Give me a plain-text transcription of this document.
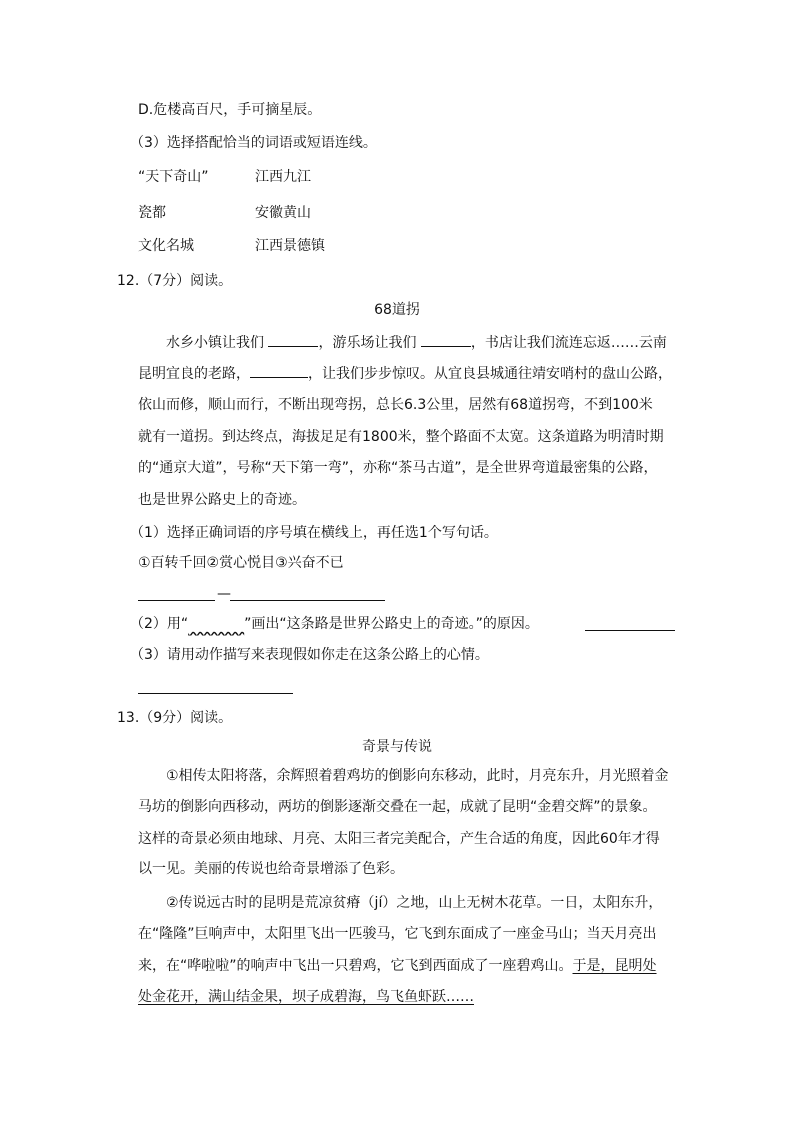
D.危楼高百尺，手可摘星辰。
（3）选择搭配恰当的词语或短语连线。
“天下奇山”	江西九江
瓷都	安徽黄山
文化名城	江西景德镇
12.（7分）阅读。
68道拐
水乡小镇让我们	，游乐场让我们	，书店让我们流连忘返……云南
昆明宜良的老路，	，让我们步步惊叹。从宜良县城通往靖安哨村的盘山公路，
依山而修，顺山而行，不断出现弯拐，总长6.3公里，居然有68道拐弯，不到100米
就有一道拐。到达终点，海拔足足有1800米，整个路面不太宽。这条道路为明清时期
的“通京大道”，号称“天下第一弯”，亦称“茶马古道”，是全世界弯道最密集的公路，
也是世界公路史上的奇迹。
（1）选择正确词语的序号填在横线上，再任选1个写句话。
①百转千回②赏心悦目③兴奋不已
—
（2）用“　　　　	”画出“这条路是世界公路史上的奇迹。”的原因。
（3）请用动作描写来表现假如你走在这条公路上的心情。
13.（9分）阅读。
奇景与传说
①相传太阳将落，余辉照着碧鸡坊的倒影向东移动，此时，月亮东升，月光照着金
马坊的倒影向西移动，两坊的倒影逐渐交叠在一起，成就了昆明“金碧交辉”的景象。
这样的奇景必须由地球、月亮、太阳三者完美配合，产生合适的角度，因此60年才得
以一见。美丽的传说也给奇景增添了色彩。
②传说远古时的昆明是荒凉贫瘠（jí）之地，山上无树木花草。一日，太阳东升，
在“隆隆”巨响声中，太阳里飞出一匹骏马，它飞到东面成了一座金马山；当天月亮出
来，在“哗啦啦”的响声中飞出一只碧鸡，它飞到西面成了一座碧鸡山。于是，昆明处
处金花开，满山结金果，坝子成碧海，鸟飞鱼虾跃……
